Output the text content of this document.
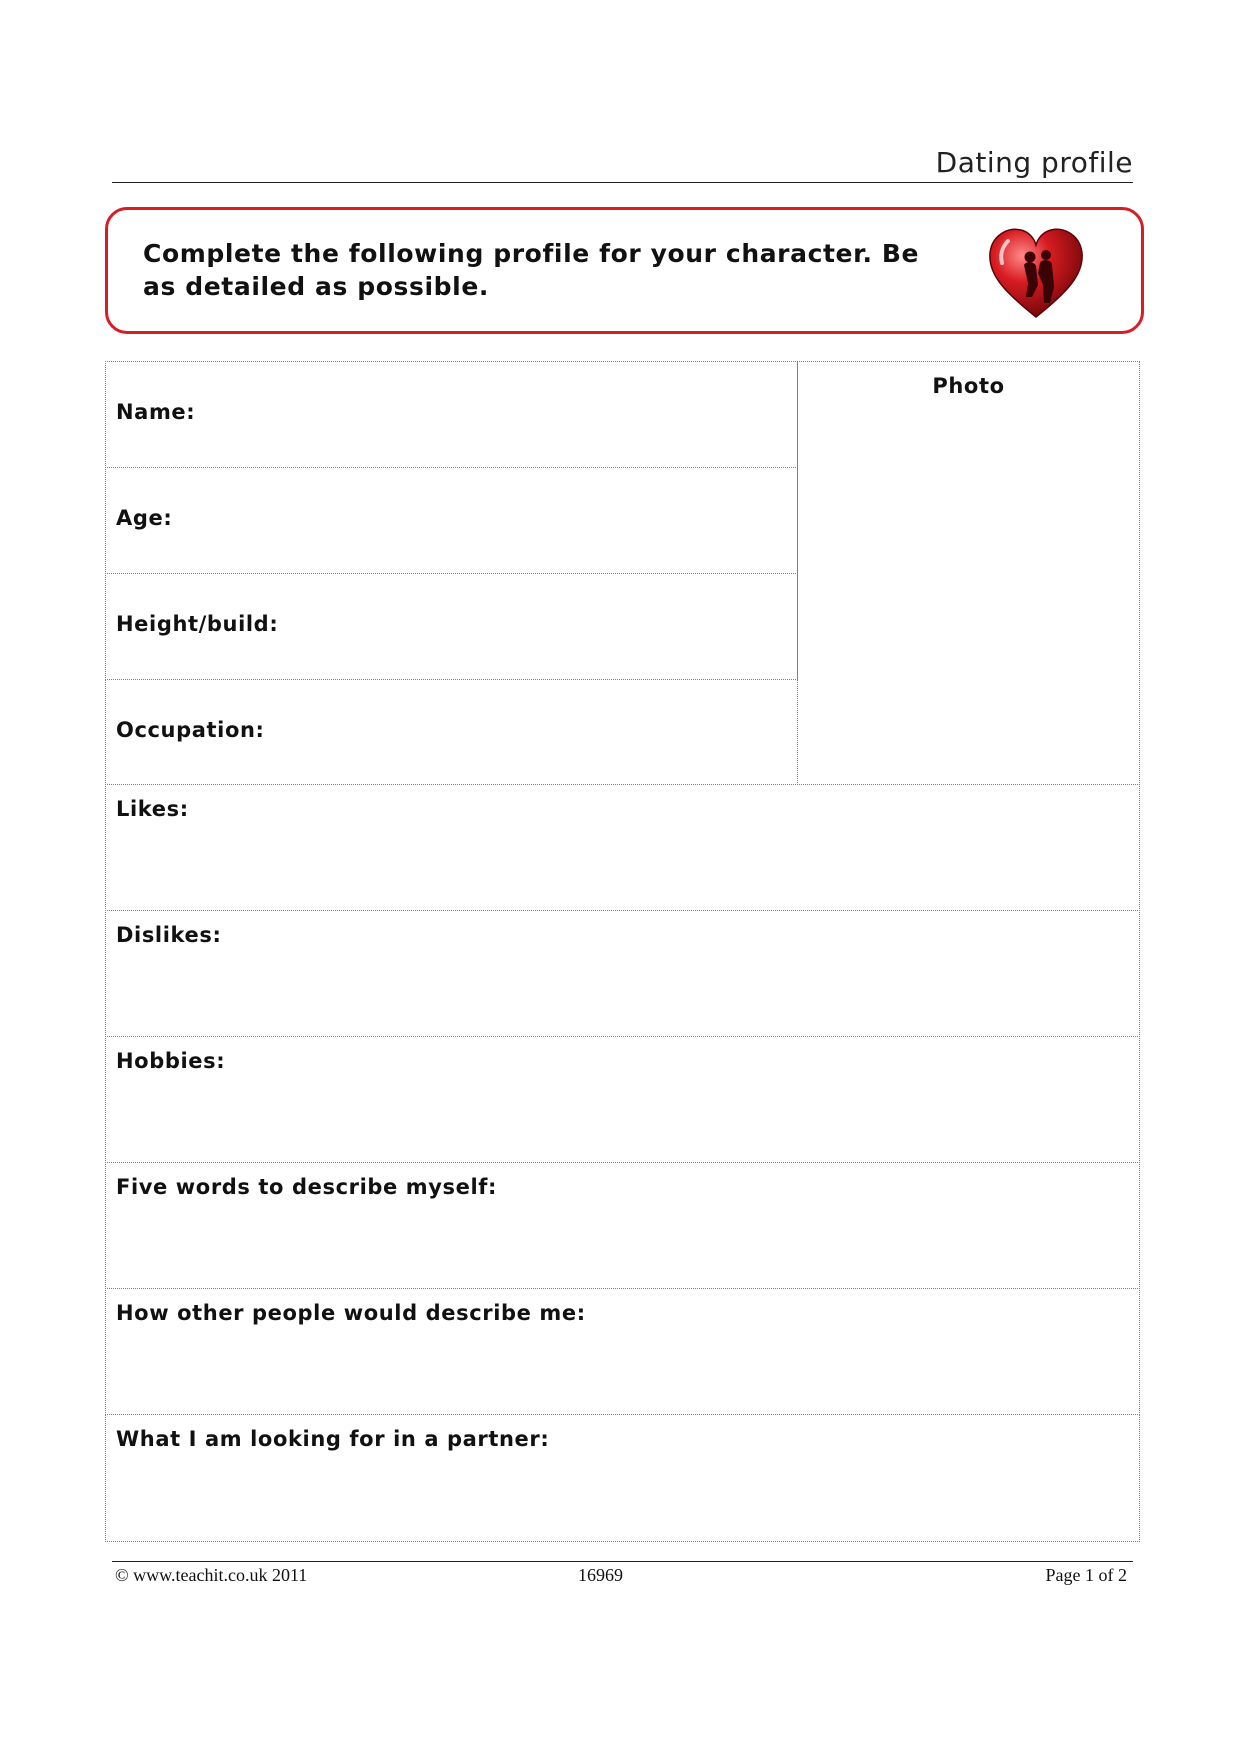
Dating profile

Complete the following profile for your character. Be as detailed as possible.

Photo
Name:
Age:
Height/build:
Occupation:
Likes:
Dislikes:
Hobbies:
Five words to describe myself:
How other people would describe me:
What I am looking for in a partner:
© www.teachit.co.uk 2011	16969	Page 1 of 2
